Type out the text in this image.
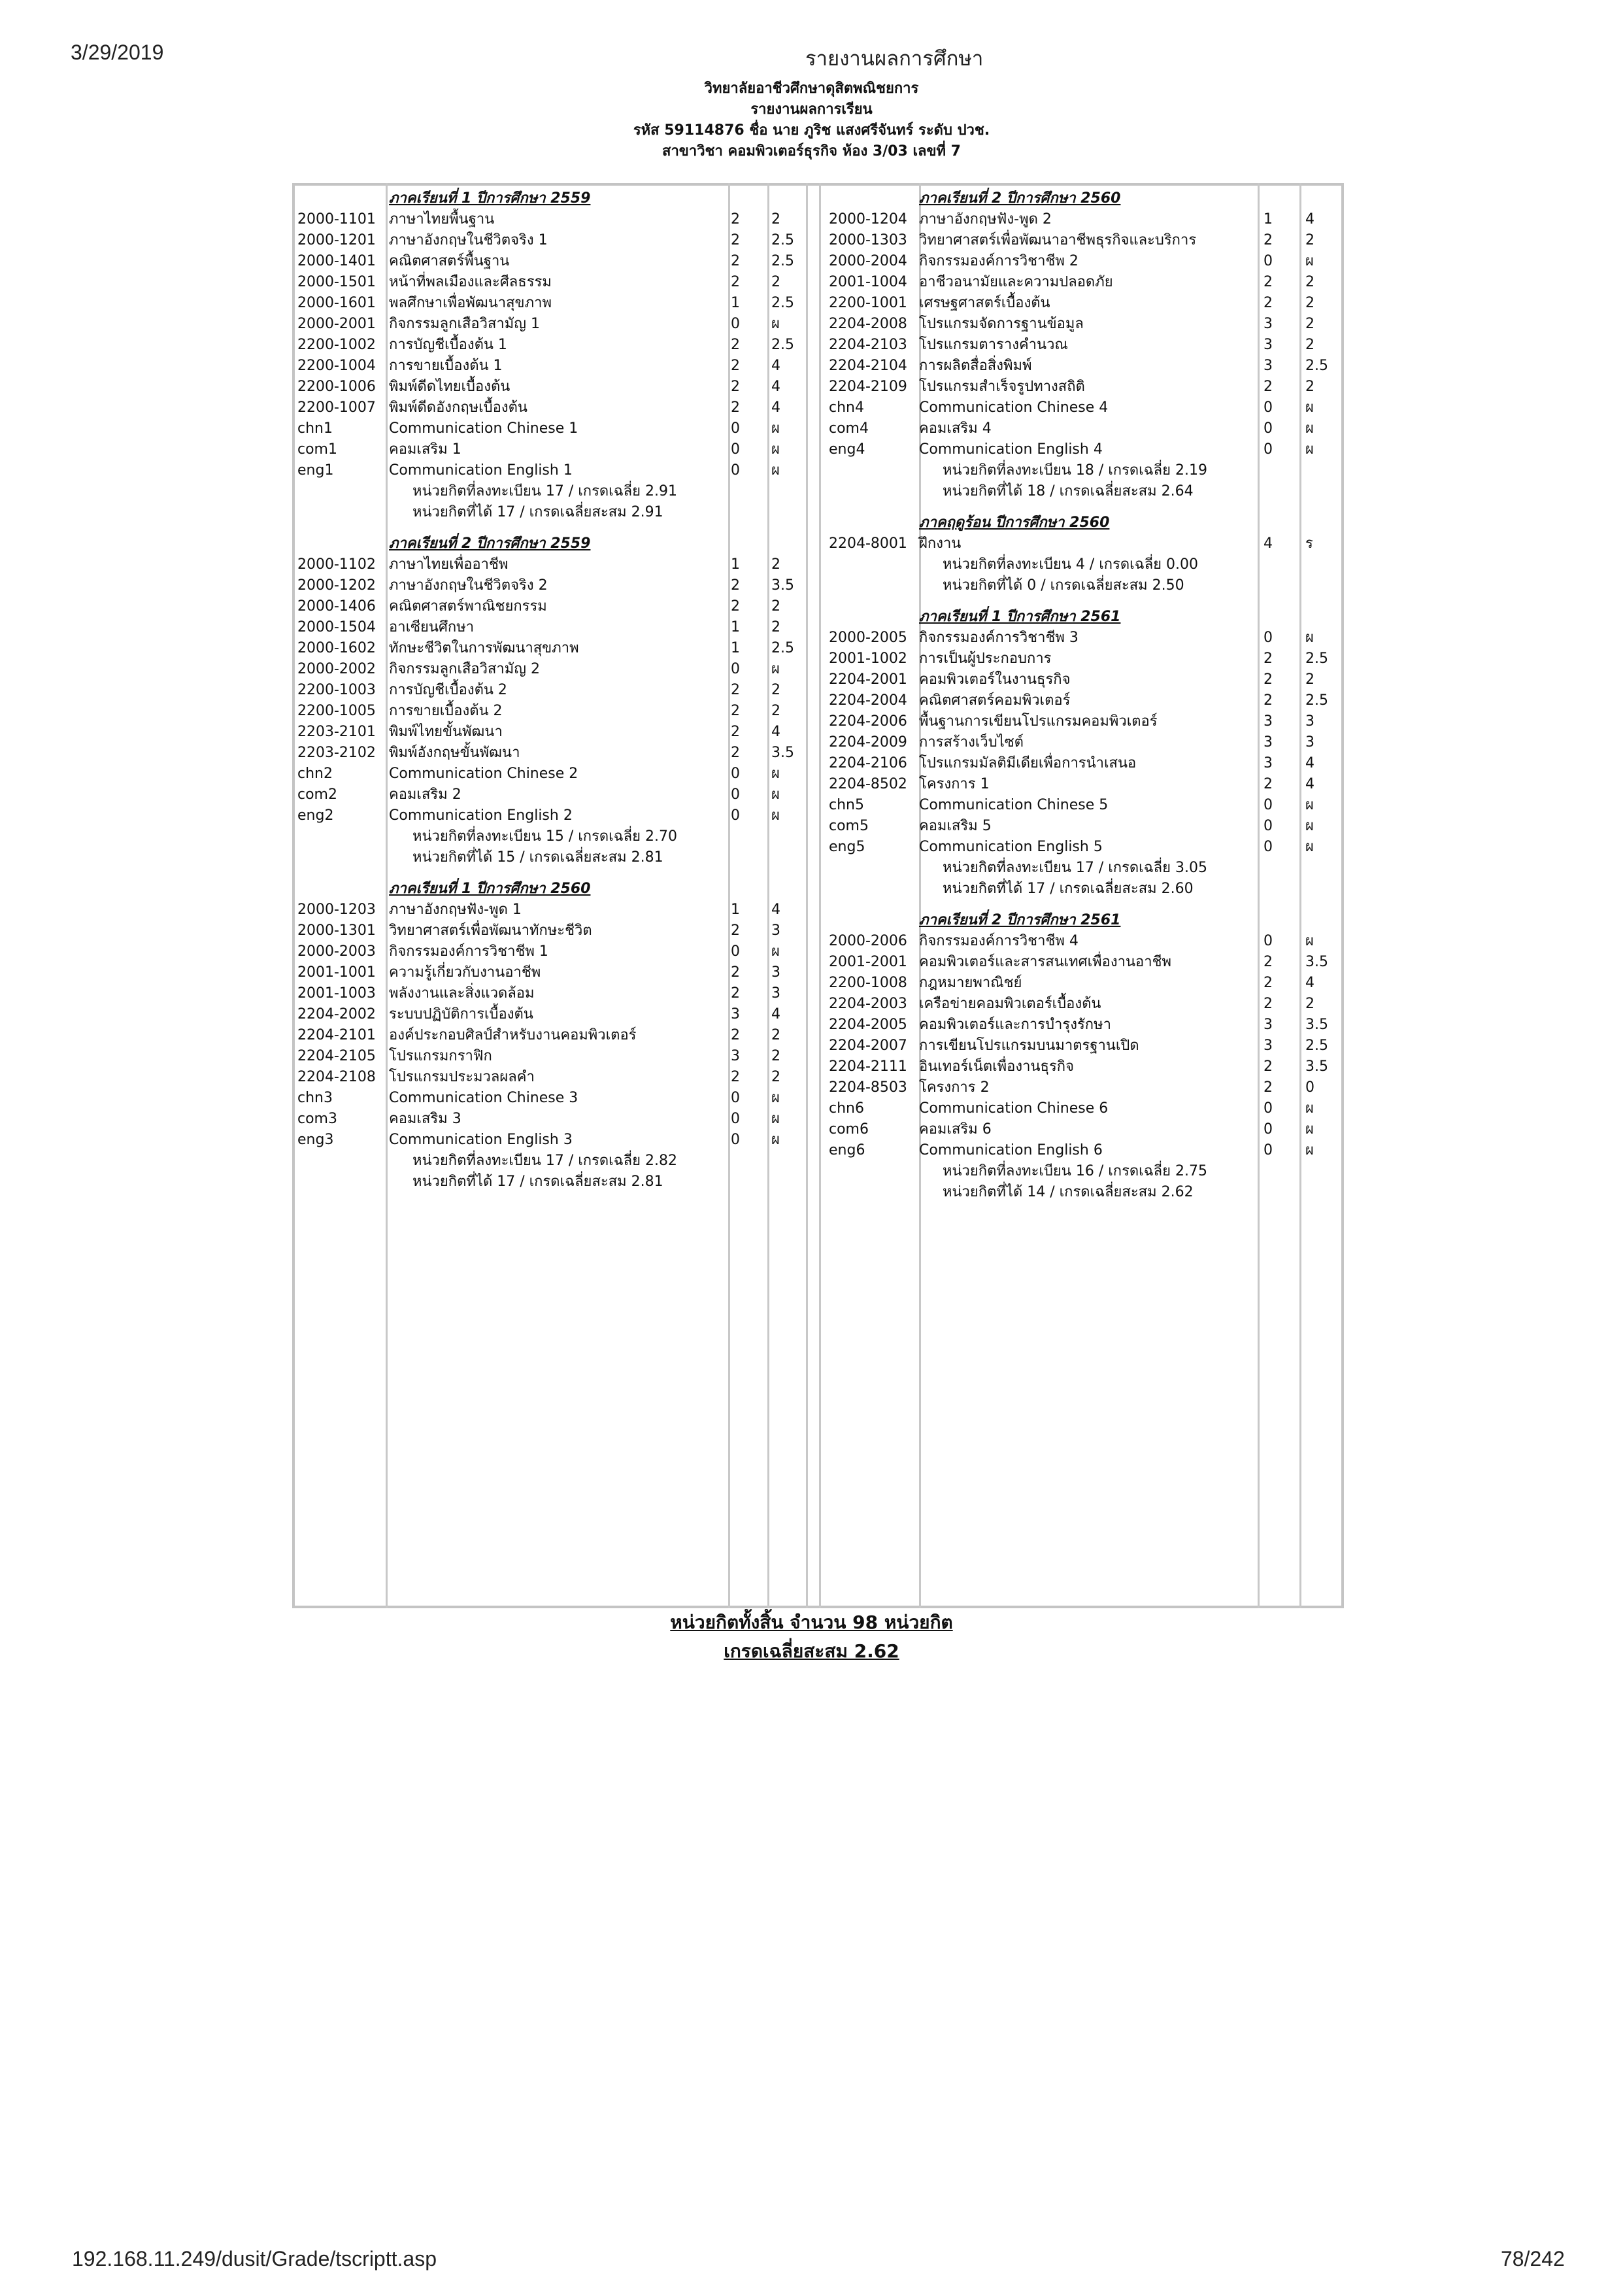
3/29/2019	รายงานผลการศึกษา
วิทยาลัยอาชีวศึกษาดุสิตพณิชยการ
รายงานผลการเรียน
รหัส 59114876 ชื่อ นาย ภูริช แสงศรีจันทร์ ระดับ ปวช.
สาขาวิชา คอมพิวเตอร์ธุรกิจ ห้อง 3/03 เลขที่ 7
ภาคเรียนที่ 1 ปีการศึกษา 2559
2000-1101 ภาษาไทยพื้นฐาน	2 2
2000-1201 ภาษาอังกฤษในชีวิตจริง 1	2 2.5
2000-1401 คณิตศาสตร์พื้นฐาน	2 2.5
2000-1501 หน้าที่พลเมืองและศีลธรรม	2 2
2000-1601 พลศึกษาเพื่อพัฒนาสุขภาพ	1 2.5
2000-2001 กิจกรรมลูกเสือวิสามัญ 1	0 ผ
2200-1002 การบัญชีเบื้องต้น 1	2 2.5
2200-1004 การขายเบื้องต้น 1	2 4
2200-1006 พิมพ์ดีดไทยเบื้องต้น	2 4
2200-1007 พิมพ์ดีดอังกฤษเบื้องต้น	2 4
chn1	Communication Chinese 1	0 ผ
com1	คอมเสริม 1	0 ผ
eng1	Communication English 1	0 ผ
หน่วยกิตที่ลงทะเบียน 17 / เกรดเฉลี่ย 2.91
หน่วยกิตที่ได้ 17 / เกรดเฉลี่ยสะสม 2.91
ภาคเรียนที่ 2 ปีการศึกษา 2559
2000-1102 ภาษาไทยเพื่ออาชีพ	1 2
2000-1202 ภาษาอังกฤษในชีวิตจริง 2	2 3.5
2000-1406 คณิตศาสตร์พาณิชยกรรม	2 2
2000-1504 อาเซียนศึกษา	1 2
2000-1602 ทักษะชีวิตในการพัฒนาสุขภาพ	1 2.5
2000-2002 กิจกรรมลูกเสือวิสามัญ 2	0 ผ
2200-1003 การบัญชีเบื้องต้น 2	2 2
2200-1005 การขายเบื้องต้น 2	2 2
2203-2101 พิมพ์ไทยขั้นพัฒนา	2 4
2203-2102 พิมพ์อังกฤษขั้นพัฒนา	2 3.5
chn2	Communication Chinese 2	0 ผ
com2	คอมเสริม 2	0 ผ
eng2	Communication English 2	0 ผ
หน่วยกิตที่ลงทะเบียน 15 / เกรดเฉลี่ย 2.70
หน่วยกิตที่ได้ 15 / เกรดเฉลี่ยสะสม 2.81
ภาคเรียนที่ 1 ปีการศึกษา 2560
2000-1203 ภาษาอังกฤษฟัง-พูด 1	1 4
2000-1301 วิทยาศาสตร์เพื่อพัฒนาทักษะชีวิต	2 3
2000-2003 กิจกรรมองค์การวิชาชีพ 1	0 ผ
2001-1001 ความรู้เกี่ยวกับงานอาชีพ	2 3
2001-1003 พลังงานและสิ่งแวดล้อม	2 3
2204-2002 ระบบปฏิบัติการเบื้องต้น	3 4
2204-2101 องค์ประกอบศิลป์สำหรับงานคอมพิวเตอร์	2 2
2204-2105 โปรแกรมกราฟิก	3 2
2204-2108 โปรแกรมประมวลผลคำ	2 2
chn3	Communication Chinese 3	0 ผ
com3	คอมเสริม 3	0 ผ
eng3	Communication English 3	0 ผ
หน่วยกิตที่ลงทะเบียน 17 / เกรดเฉลี่ย 2.82
หน่วยกิตที่ได้ 17 / เกรดเฉลี่ยสะสม 2.81
ภาคเรียนที่ 2 ปีการศึกษา 2560
2000-1204 ภาษาอังกฤษฟัง-พูด 2	1 4
2000-1303 วิทยาศาสตร์เพื่อพัฒนาอาชีพธุรกิจและบริการ	2 2
2000-2004 กิจกรรมองค์การวิชาชีพ 2	0 ผ
2001-1004 อาชีวอนามัยและความปลอดภัย	2 2
2200-1001 เศรษฐศาสตร์เบื้องต้น	2 2
2204-2008 โปรแกรมจัดการฐานข้อมูล	3 2
2204-2103 โปรแกรมตารางคำนวณ	3 2
2204-2104 การผลิตสื่อสิ่งพิมพ์	3 2.5
2204-2109 โปรแกรมสำเร็จรูปทางสถิติ	2 2
chn4	Communication Chinese 4	0 ผ
com4	คอมเสริม 4	0 ผ
eng4	Communication English 4	0 ผ
หน่วยกิตที่ลงทะเบียน 18 / เกรดเฉลี่ย 2.19
หน่วยกิตที่ได้ 18 / เกรดเฉลี่ยสะสม 2.64
ภาคฤดูร้อน ปีการศึกษา 2560
2204-8001 ฝึกงาน	4 ร
หน่วยกิตที่ลงทะเบียน 4 / เกรดเฉลี่ย 0.00
หน่วยกิตที่ได้ 0 / เกรดเฉลี่ยสะสม 2.50
ภาคเรียนที่ 1 ปีการศึกษา 2561
2000-2005 กิจกรรมองค์การวิชาชีพ 3	0 ผ
2001-1002 การเป็นผู้ประกอบการ	2 2.5
2204-2001 คอมพิวเตอร์ในงานธุรกิจ	2 2
2204-2004 คณิตศาสตร์คอมพิวเตอร์	2 2.5
2204-2006 พื้นฐานการเขียนโปรแกรมคอมพิวเตอร์	3 3
2204-2009 การสร้างเว็บไซต์	3 3
2204-2106 โปรแกรมมัลติมีเดียเพื่อการนำเสนอ	3 4
2204-8502 โครงการ 1	2 4
chn5	Communication Chinese 5	0 ผ
com5	คอมเสริม 5	0 ผ
eng5	Communication English 5	0 ผ
หน่วยกิตที่ลงทะเบียน 17 / เกรดเฉลี่ย 3.05
หน่วยกิตที่ได้ 17 / เกรดเฉลี่ยสะสม 2.60
ภาคเรียนที่ 2 ปีการศึกษา 2561
2000-2006 กิจกรรมองค์การวิชาชีพ 4	0 ผ
2001-2001 คอมพิวเตอร์และสารสนเทศเพื่องานอาชีพ	2 3.5
2200-1008 กฎหมายพาณิชย์	2 4
2204-2003 เครือข่ายคอมพิวเตอร์เบื้องต้น	2 2
2204-2005 คอมพิวเตอร์และการบำรุงรักษา	3 3.5
2204-2007 การเขียนโปรแกรมบนมาตรฐานเปิด	3 2.5
2204-2111 อินเทอร์เน็ตเพื่องานธุรกิจ	2 3.5
2204-8503 โครงการ 2	2 0
chn6	Communication Chinese 6	0 ผ
com6	คอมเสริม 6	0 ผ
eng6	Communication English 6	0 ผ
หน่วยกิตที่ลงทะเบียน 16 / เกรดเฉลี่ย 2.75
หน่วยกิตที่ได้ 14 / เกรดเฉลี่ยสะสม 2.62
หน่วยกิตทั้งสิ้น จำนวน 98 หน่วยกิต
เกรดเฉลี่ยสะสม 2.62
192.168.11.249/dusit/Grade/tscriptt.asp	78/242
